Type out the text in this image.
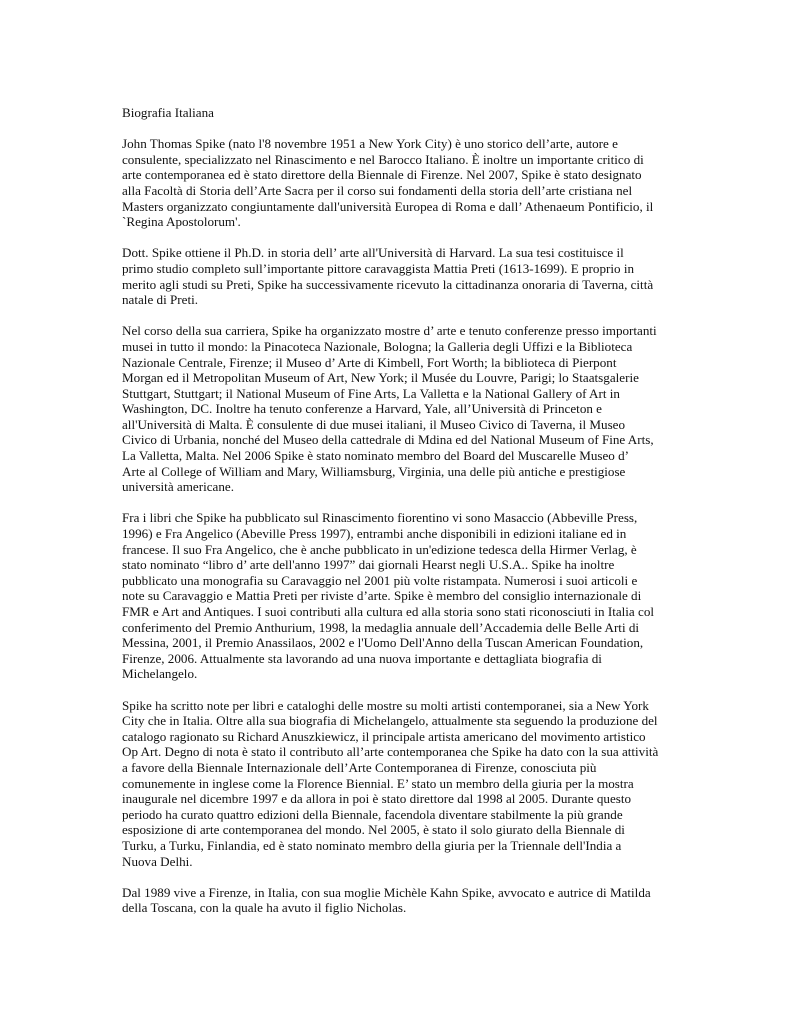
Biografia Italiana
John Thomas Spike (nato l'8 novembre 1951 a New York City) è uno storico dell’arte, autore e
consulente, specializzato nel Rinascimento e nel Barocco Italiano. È inoltre un importante critico di
arte contemporanea ed è stato direttore della Biennale di Firenze. Nel 2007, Spike è stato designato
alla Facoltà di Storia dell’Arte Sacra per il corso sui fondamenti della storia dell’arte cristiana nel
Masters organizzato congiuntamente dall'università Europea di Roma e dall’ Athenaeum Pontificio, il
`Regina Apostolorum'.
Dott. Spike ottiene il Ph.D. in storia dell’ arte all'Università di Harvard. La sua tesi costituisce il
primo studio completo sull’importante pittore caravaggista Mattia Preti (1613-1699). E proprio in
merito agli studi su Preti, Spike ha successivamente ricevuto la cittadinanza onoraria di Taverna, città
natale di Preti.
Nel corso della sua carriera, Spike ha organizzato mostre d’ arte e tenuto conferenze presso importanti
musei in tutto il mondo: la Pinacoteca Nazionale, Bologna; la Galleria degli Uffizi e la Biblioteca
Nazionale Centrale, Firenze; il Museo d’ Arte di Kimbell, Fort Worth; la biblioteca di Pierpont
Morgan ed il Metropolitan Museum of Art, New York; il Musée du Louvre, Parigi; lo Staatsgalerie
Stuttgart, Stuttgart; il National Museum of Fine Arts, La Valletta e la National Gallery of Art in
Washington, DC. Inoltre ha tenuto conferenze a Harvard, Yale, all’Università di Princeton e
all'Università di Malta. È consulente di due musei italiani, il Museo Civico di Taverna, il Museo
Civico di Urbania, nonché del Museo della cattedrale di Mdina ed del National Museum of Fine Arts,
La Valletta, Malta. Nel 2006 Spike è stato nominato membro del Board del Muscarelle Museo d’
Arte al College of William and Mary, Williamsburg, Virginia, una delle più antiche e prestigiose
università americane.
Fra i libri che Spike ha pubblicato sul Rinascimento fiorentino vi sono Masaccio (Abbeville Press,
1996) e Fra Angelico (Abeville Press 1997), entrambi anche disponibili in edizioni italiane ed in
francese. Il suo Fra Angelico, che è anche pubblicato in un'edizione tedesca della Hirmer Verlag, è
stato nominato “libro d’ arte dell'anno 1997” dai giornali Hearst negli U.S.A.. Spike ha inoltre
pubblicato una monografia su Caravaggio nel 2001 più volte ristampata. Numerosi i suoi articoli e
note su Caravaggio e Mattia Preti per riviste d’arte. Spike è membro del consiglio internazionale di
FMR e Art and Antiques. I suoi contributi alla cultura ed alla storia sono stati riconosciuti in Italia col
conferimento del Premio Anthurium, 1998, la medaglia annuale dell’Accademia delle Belle Arti di
Messina, 2001, il Premio Anassilaos, 2002 e l'Uomo Dell'Anno della Tuscan American Foundation,
Firenze, 2006. Attualmente sta lavorando ad una nuova importante e dettagliata biografia di
Michelangelo.
Spike ha scritto note per libri e cataloghi delle mostre su molti artisti contemporanei, sia a New York
City che in Italia. Oltre alla sua biografia di Michelangelo, attualmente sta seguendo la produzione del
catalogo ragionato su Richard Anuszkiewicz, il principale artista americano del movimento artistico
Op Art. Degno di nota è stato il contributo all’arte contemporanea che Spike ha dato con la sua attività
a favore della Biennale Internazionale dell’Arte Contemporanea di Firenze, conosciuta più
comunemente in inglese come la Florence Biennial. E’ stato un membro della giuria per la mostra
inaugurale nel dicembre 1997 e da allora in poi è stato direttore dal 1998 al 2005. Durante questo
periodo ha curato quattro edizioni della Biennale, facendola diventare stabilmente la più grande
esposizione di arte contemporanea del mondo. Nel 2005, è stato il solo giurato della Biennale di
Turku, a Turku, Finlandia, ed è stato nominato membro della giuria per la Triennale dell'India a
Nuova Delhi.
Dal 1989 vive a Firenze, in Italia, con sua moglie Michèle Kahn Spike, avvocato e autrice di Matilda
della Toscana, con la quale ha avuto il figlio Nicholas.
